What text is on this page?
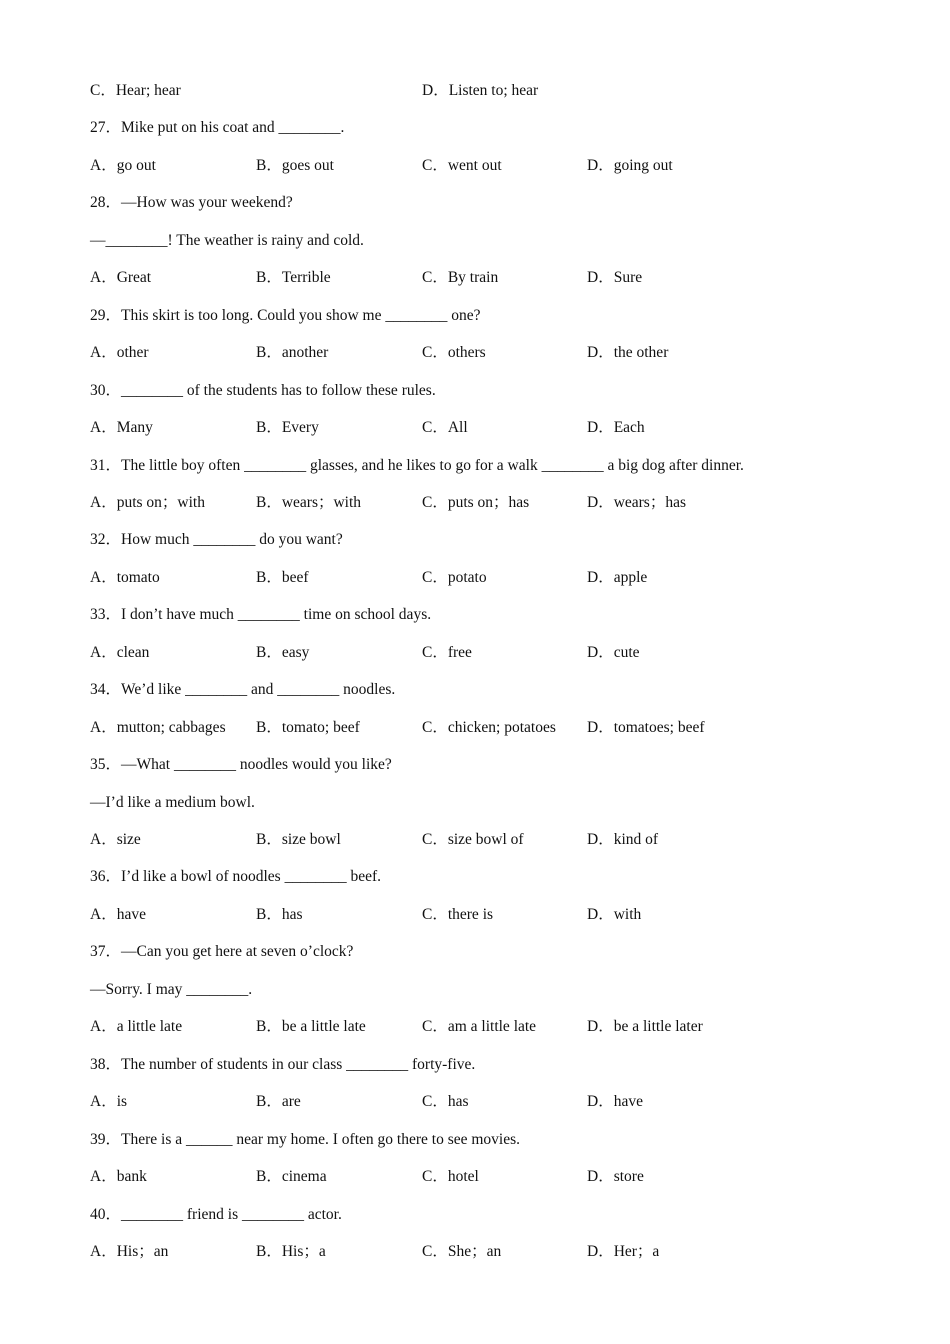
C．Hear; hear	D．Listen to; hear
27．Mike put on his coat and ________.
A．go out	B．goes out	C．went out	D．going out
28．—How was your weekend?
—________! The weather is rainy and cold.
A．Great	B．Terrible	C．By train	D．Sure
29．This skirt is too long. Could you show me ________ one?
A．other	B．another	C．others	D．the other
30．________ of the students has to follow these rules.
A．Many	B．Every	C．All	D．Each
31．The little boy often ________ glasses, and he likes to go for a walk ________ a big dog after dinner.
A．puts on；with	B．wears；with	C．puts on；has	D．wears；has
32．How much ________ do you want?
A．tomato	B．beef	C．potato	D．apple
33．I don’t have much ________ time on school days.
A．clean	B．easy	C．free	D．cute
34．We’d like ________ and ________ noodles.
A．mutton; cabbages B．tomato; beef	C．chicken; potatoes D．tomatoes; beef
35．—What ________ noodles would you like?
—I’d like a medium bowl.
A．size	B．size bowl	C．size bowl of	D．kind of
36．I’d like a bowl of noodles ________ beef.
A．have	B．has	C．there is	D．with
37．—Can you get here at seven o’clock?
—Sorry. I may ________.
A．a little late	B．be a little late	C．am a little late	D．be a little later
38．The number of students in our class ________ forty-five.
A．is	B．are	C．has	D．have
39．There is a ______ near my home. I often go there to see movies.
A．bank	B．cinema	C．hotel	D．store
40．________ friend is ________ actor.
A．His；an	B．His；a	C．She；an	D．Her；a
